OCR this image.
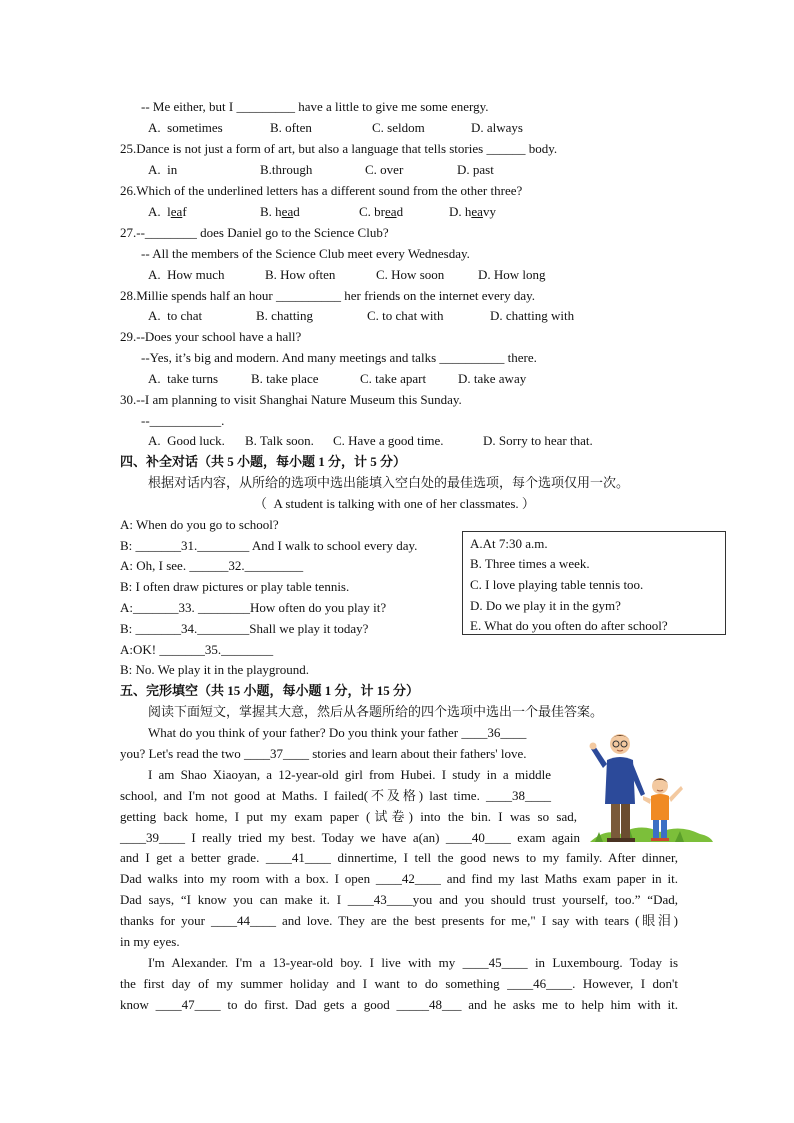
-- Me either, but I _________ have a little to give me some energy.
A.  sometimes	B. often	C. seldom	D. always
25.Dance is not just a form of art, but also a language that tells stories ______ body.
A.  in	B.through	C. over	D. past
26.Which of the underlined letters has a different sound from the other three?
A.  leaf	B. head	C. bread	D. heavy
27.--________ does Daniel go to the Science Club?
-- All the members of the Science Club meet every Wednesday.
A.  How much	B. How often	C. How soon	D. How long
28.Millie spends half an hour __________ her friends on the internet every day.
A.  to chat	B. chatting	C. to chat with	D. chatting with
29.--Does your school have a hall?
--Yes, it’s big and modern. And many meetings and talks __________ there.
A.  take turns	B. take place	C. take apart D. take away
30.--I am planning to visit Shanghai Nature Museum this Sunday.
--___________.
A.  Good luck. B. Talk soon. C. Have a good time.	D. Sorry to hear that.
四、补全对话（共 5 小题，每小题 1 分，计 5 分）
根据对话内容，从所给的选项中选出能填入空白处的最佳选项，每个选项仅用一次。
（  A student is talking with one of her classmates. ）
A: When do you go to school?
B: _______31.________ And I walk to school every day.
A: Oh, I see. ______32._________
B: I often draw pictures or play table tennis.
A:_______33. ________How often do you play it?
B: _______34.________Shall we play it today?
A:OK! _______35.________
B: No. We play it in the playground.
A.At 7:30 a.m.
B. Three times a week.
C. I love playing table tennis too.
D. Do we play it in the gym?
E. What do you often do after school?
五、完形填空（共 15 小题，每小题 1 分，计 15 分）
阅读下面短文，掌握其大意，然后从各题所给的四个选项中选出一个最佳答案。
What do you think of your father? Do you think your father ____36____
you? Let's read the two ____37____ stories and learn about their fathers' love.
I am Shao Xiaoyan, a 12-year-old girl from Hubei. I study in a middle
school, and I'm not good at Maths. I failed(不及格) last time. ____38____
getting back home, I put my exam paper (试卷) into the bin. I was so sad,
____39____ I really tried my best. Today we have a(an) ____40____ exam again
and I get a better grade. ____41____ dinnertime, I tell the good news to my family. After dinner,
Dad walks into my room with a box. I open ____42____ and find my last Maths exam paper in it.
Dad says, “I know you can make it. I ____43____you and you should trust yourself, too.” “Dad,
thanks for your ____44____ and love. They are the best presents for me," I say with tears (眼泪)
in my eyes.
I'm Alexander. I'm a 13-year-old boy. I live with my ____45____ in Luxembourg. Today is
the first day of my summer holiday and I want to do something ____46____. However, I don't
know ____47____ to do first. Dad gets a good _____48___ and he asks me to help him with it.
